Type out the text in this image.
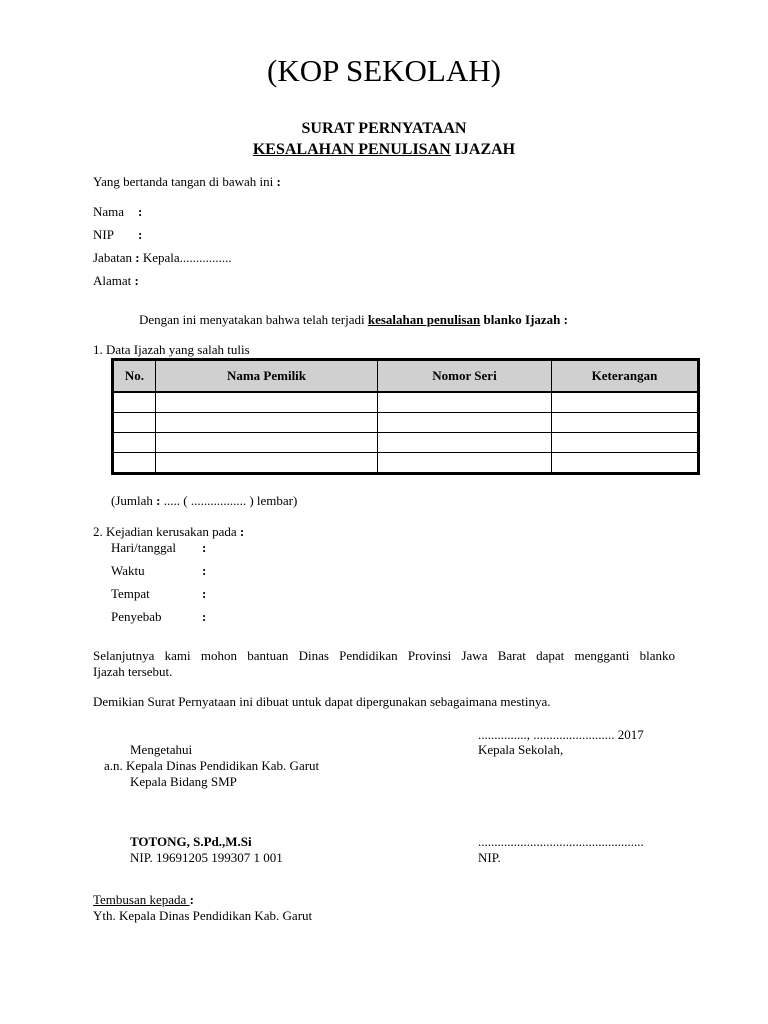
(KOP SEKOLAH)
SURAT PERNYATAAN
KESALAHAN PENULISAN IJAZAH
Yang bertanda tangan di bawah ini :
Nama :
NIP :
Jabatan : Kepala................
Alamat :
Dengan ini menyatakan bahwa telah terjadi kesalahan penulisan blanko Ijazah :
1. Data Ijazah yang salah tulis
No.	Nama Pemilik	Nomor Seri	Keterangan

(Jumlah : ..... ( ................. ) lembar)
2. Kejadian kerusakan pada :
Hari/tanggal :
Waktu	:
Tempat	:
Penyebab	:
Selanjutnya kami mohon bantuan Dinas Pendidikan Provinsi Jawa Barat dapat mengganti blanko
Ijazah tersebut.
Demikian Surat Pernyataan ini dibuat untuk dapat dipergunakan sebagaimana mestinya.
..............., ......................... 2017
Mengetahui	Kepala Sekolah,
a.n. Kepala Dinas Pendidikan Kab. Garut
Kepala Bidang SMP
TOTONG, S.Pd.,M.Si	...................................................
NIP. 19691205 199307 1 001	NIP.
Tembusan kepada :
Yth. Kepala Dinas Pendidikan Kab. Garut
